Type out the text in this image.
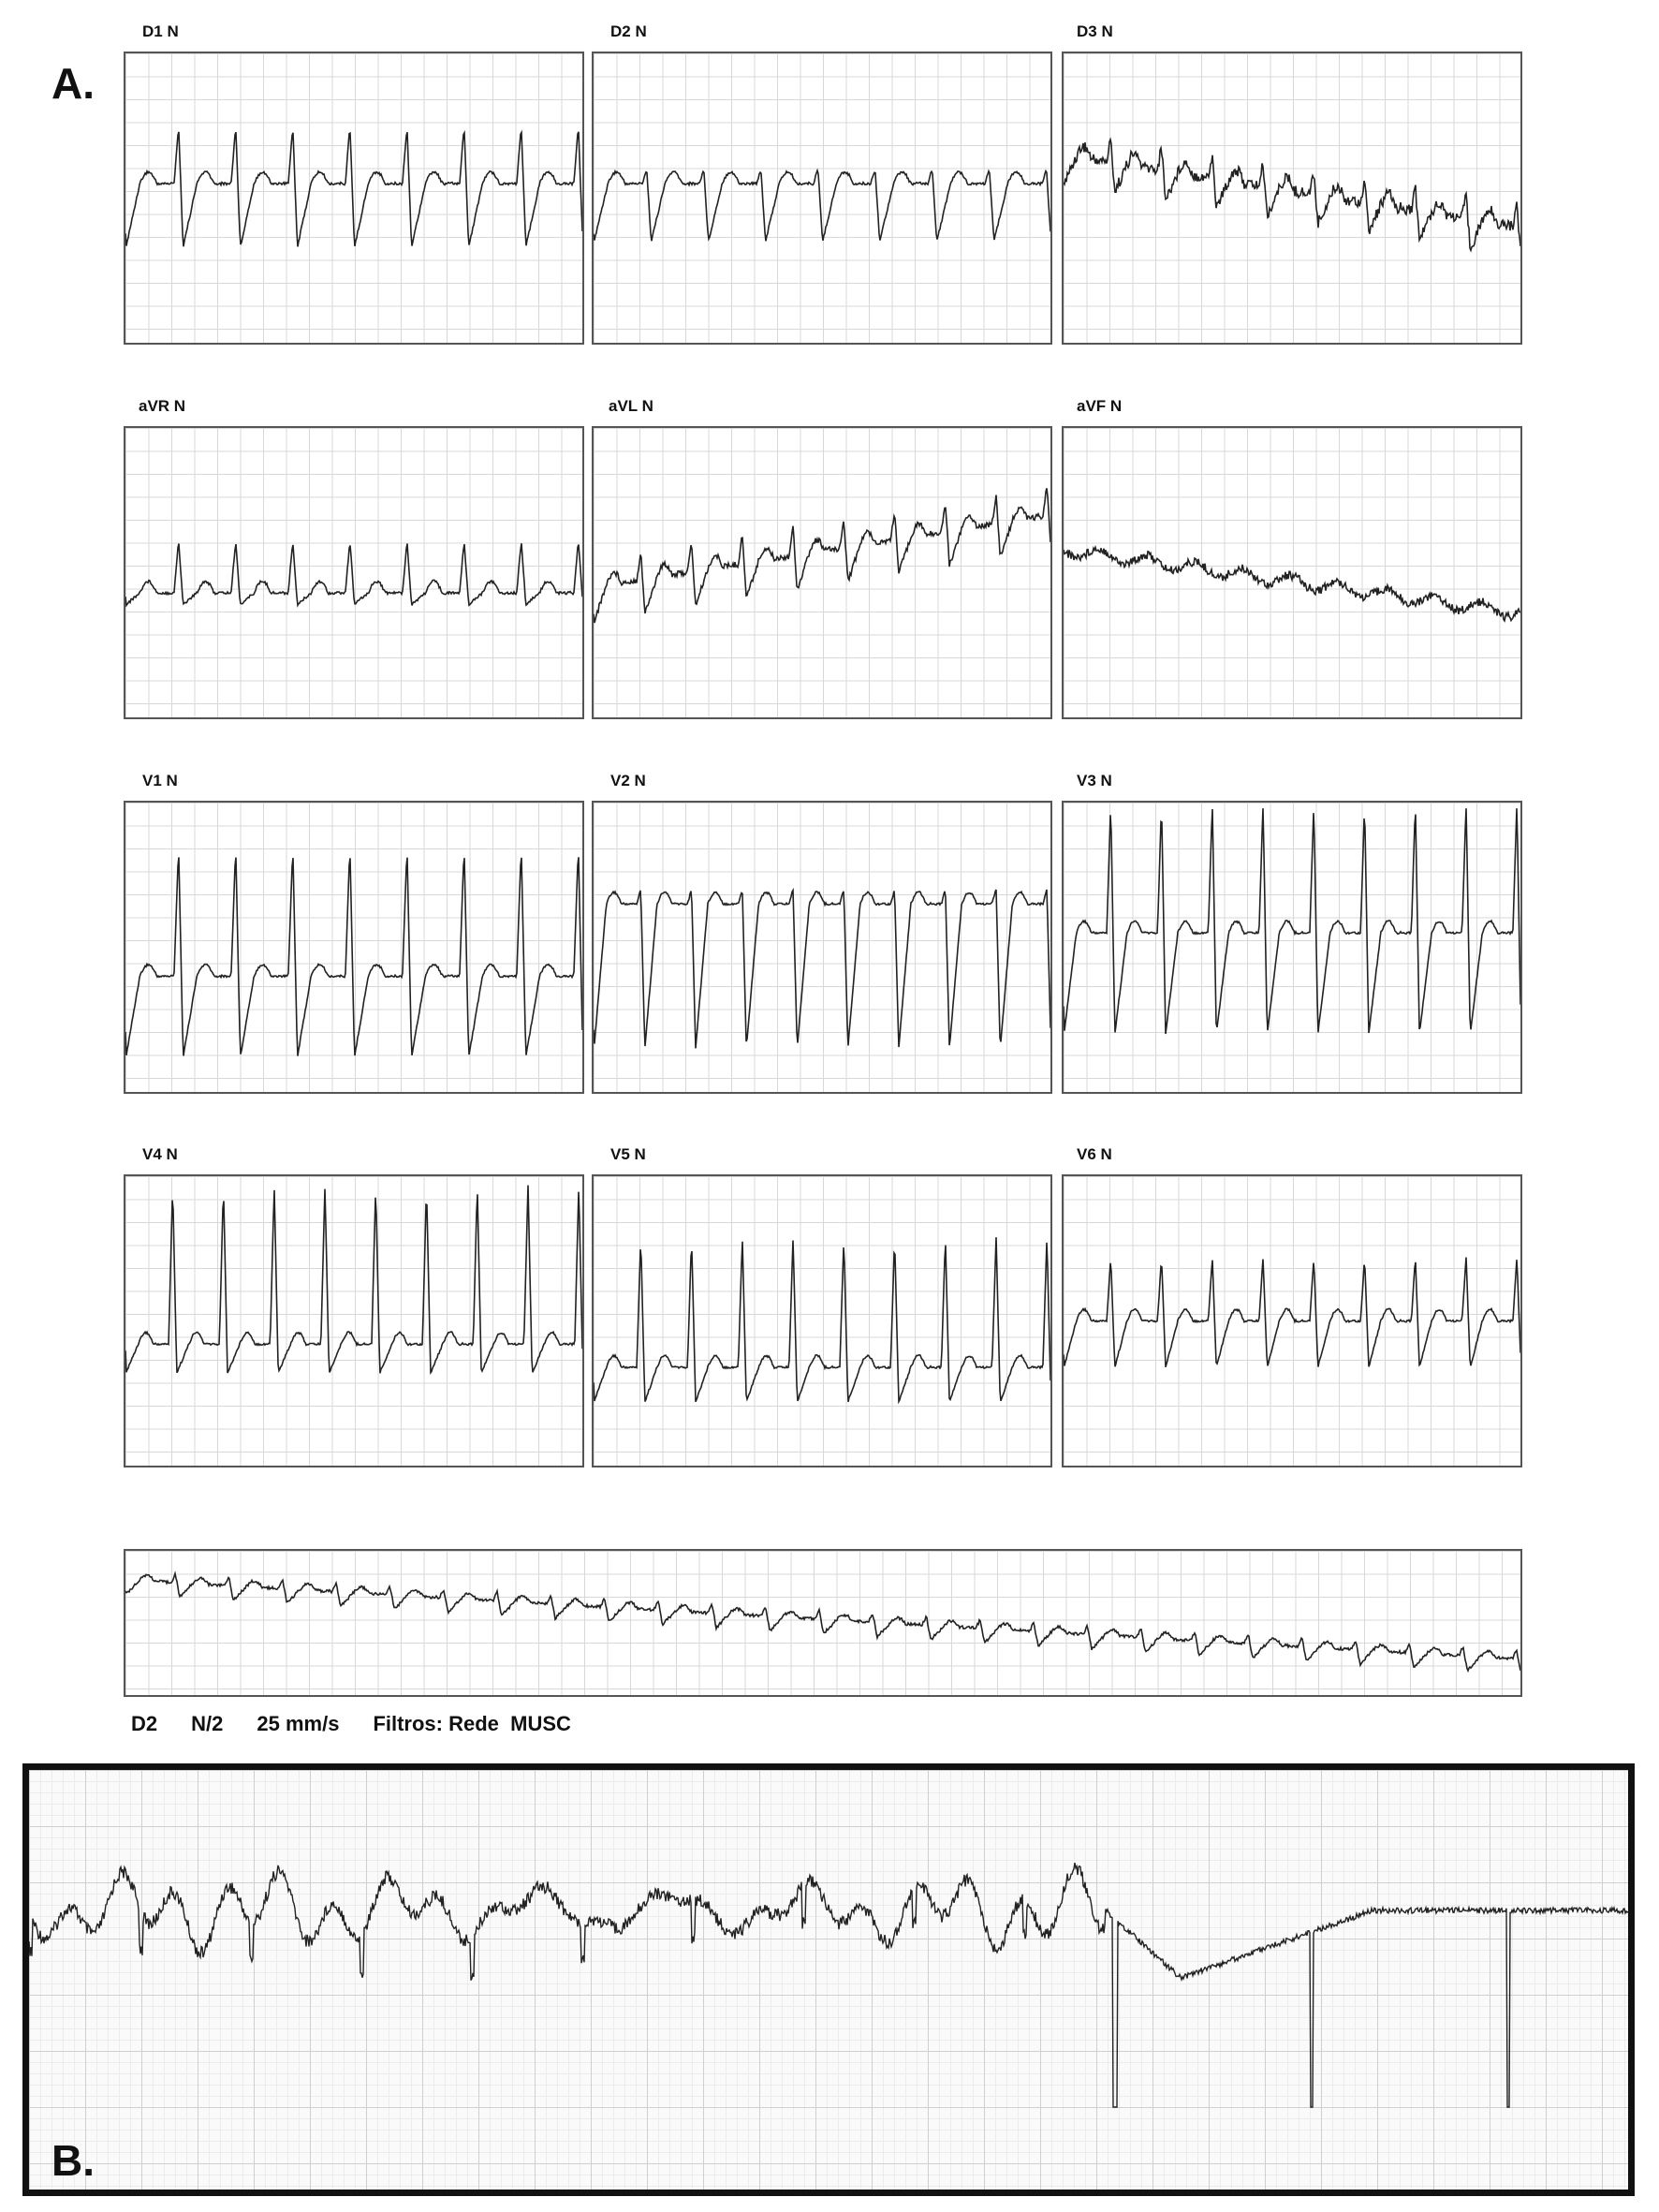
A.
D1 N	D2 N	D3 N
aVR N	aVL N	aVF N
V1 N	V2 N	V3 N
V4 N	V5 N	V6 N
D2 N/2 25 mm/s Filtros: Rede  MUSC
B.
